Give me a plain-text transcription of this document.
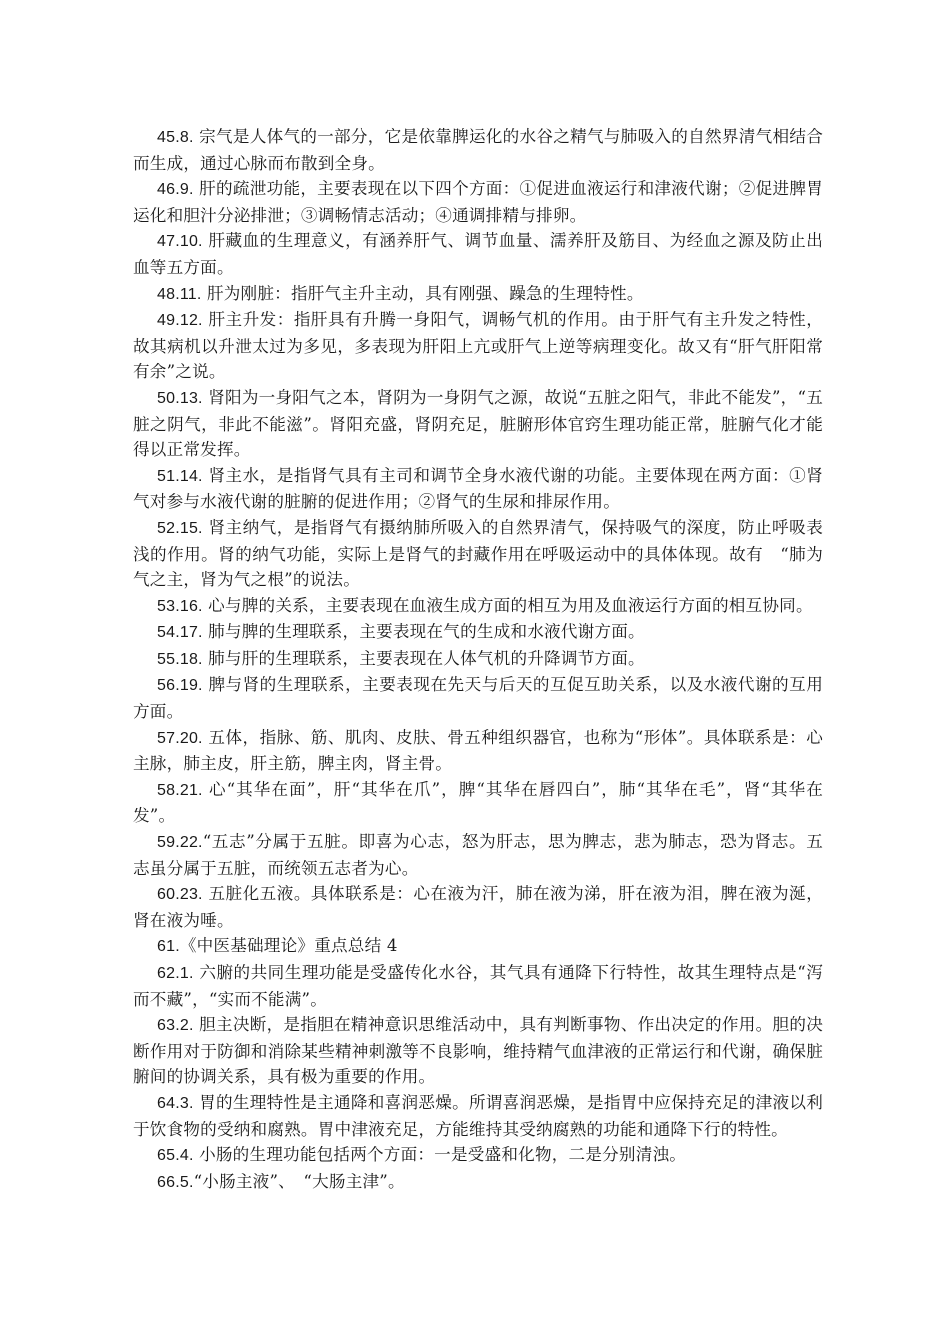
45.8. 宗气是人体气的一部分，它是依靠脾运化的水谷之精气与肺吸入的自然界清气相结合而生成，通过心脉而布散到全身。

46.9. 肝的疏泄功能，主要表现在以下四个方面：①促进血液运行和津液代谢；②促进脾胃运化和胆汁分泌排泄；③调畅情志活动；④通调排精与排卵。

47.10. 肝藏血的生理意义，有涵养肝气、调节血量、濡养肝及筋目、为经血之源及防止出血等五方面。

48.11. 肝为刚脏：指肝气主升主动，具有刚强、躁急的生理特性。

49.12. 肝主升发：指肝具有升腾一身阳气，调畅气机的作用。由于肝气有主升发之特性，故其病机以升泄太过为多见，多表现为肝阳上亢或肝气上逆等病理变化。故又有“肝气肝阳常有余”之说。

50.13. 肾阳为一身阳气之本，肾阴为一身阴气之源，故说“五脏之阳气，非此不能发”，“五脏之阴气，非此不能滋”。肾阳充盛，肾阴充足，脏腑形体官窍生理功能正常，脏腑气化才能得以正常发挥。

51.14. 肾主水，是指肾气具有主司和调节全身水液代谢的功能。主要体现在两方面：①肾气对参与水液代谢的脏腑的促进作用；②肾气的生尿和排尿作用。

52.15. 肾主纳气，是指肾气有摄纳肺所吸入的自然界清气，保持吸气的深度，防止呼吸表浅的作用。肾的纳气功能，实际上是肾气的封藏作用在呼吸运动中的具体体现。故有　“肺为气之主，肾为气之根”的说法。

53.16. 心与脾的关系，主要表现在血液生成方面的相互为用及血液运行方面的相互协同。

54.17. 肺与脾的生理联系，主要表现在气的生成和水液代谢方面。

55.18. 肺与肝的生理联系，主要表现在人体气机的升降调节方面。

56.19. 脾与肾的生理联系，主要表现在先天与后天的互促互助关系，以及水液代谢的互用方面。

57.20. 五体，指脉、筋、肌肉、皮肤、骨五种组织器官，也称为“形体”。具体联系是：心主脉，肺主皮，肝主筋，脾主肉，肾主骨。

58.21. 心“其华在面”，肝“其华在爪”，脾“其华在唇四白”，肺“其华在毛”，肾“其华在发”。

59.22.“五志”分属于五脏。即喜为心志，怒为肝志，思为脾志，悲为肺志，恐为肾志。五志虽分属于五脏，而统领五志者为心。

60.23. 五脏化五液。具体联系是：心在液为汗，肺在液为涕，肝在液为泪，脾在液为涎，肾在液为唾。

61.《中医基础理论》重点总结 4

62.1. 六腑的共同生理功能是受盛传化水谷，其气具有通降下行特性，故其生理特点是“泻而不藏”，“实而不能满”。

63.2. 胆主决断，是指胆在精神意识思维活动中，具有判断事物、作出决定的作用。胆的决断作用对于防御和消除某些精神刺激等不良影响，维持精气血津液的正常运行和代谢，确保脏腑间的协调关系，具有极为重要的作用。

64.3. 胃的生理特性是主通降和喜润恶燥。所谓喜润恶燥，是指胃中应保持充足的津液以利于饮食物的受纳和腐熟。胃中津液充足，方能维持其受纳腐熟的功能和通降下行的特性。

65.4. 小肠的生理功能包括两个方面：一是受盛和化物，二是分别清浊。

66.5.“小肠主液”、　“大肠主津”。
